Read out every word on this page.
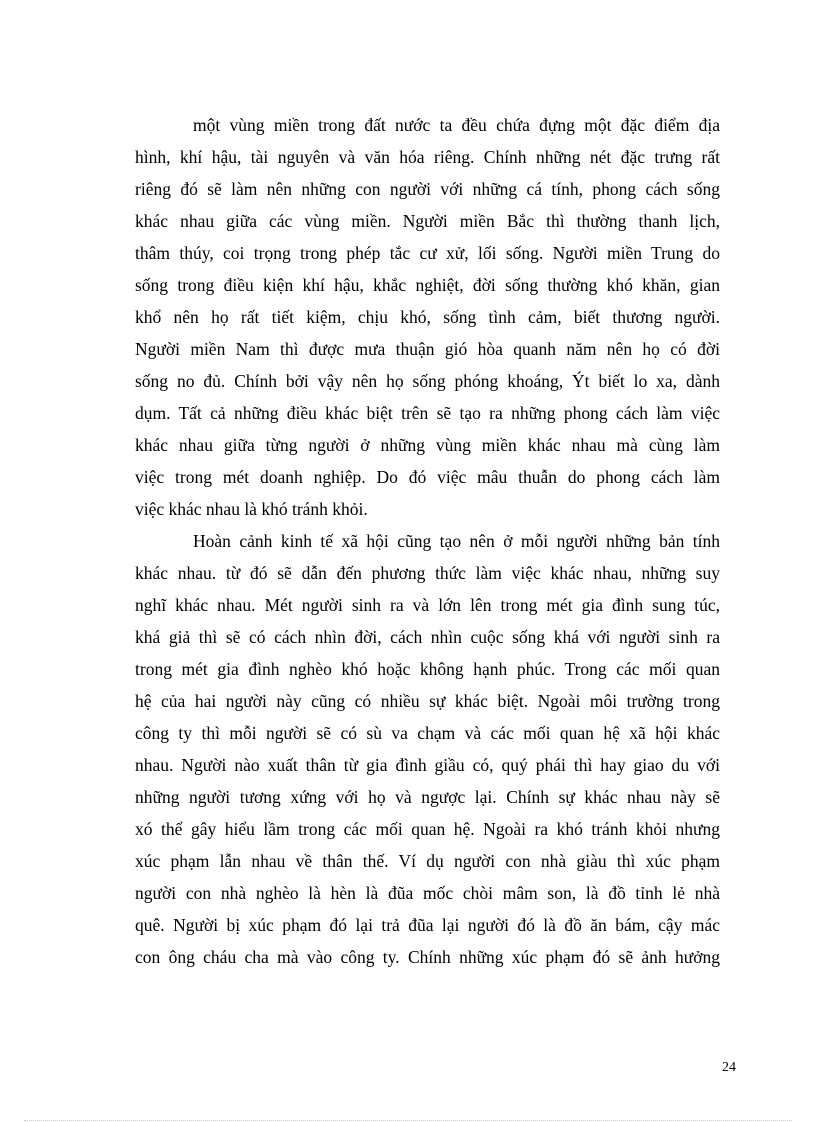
một vùng miền trong đất nước ta đều chứa đựng một đặc điểm địa
hình, khí hậu, tài nguyên và văn hóa riêng. Chính những nét đặc trưng rất
riêng đó sẽ làm nên những con người với những cá tính, phong cách sống
khác nhau giữa các vùng miền. Người miền Bắc thì thường thanh lịch,
thâm thúy, coi trọng trong phép tắc cư xử, lối sống. Người miền Trung do
sống trong điều kiện khí hậu, khắc nghiệt, đời sống thường khó khăn, gian
khổ nên họ rất tiết kiệm, chịu khó, sống tình cảm, biết thương người.
Người miền Nam thì được mưa thuận gió hòa quanh năm nên họ có đời
sống no đủ. Chính bởi vậy nên họ sống phóng khoáng, Ýt biết lo xa, dành
dụm. Tất cả những điều khác biệt trên sẽ tạo ra những phong cách làm việc
khác nhau giữa từng người ở những vùng miền khác nhau mà cùng làm
việc trong mét doanh nghiệp. Do đó việc mâu thuẫn do phong cách làm
việc khác nhau là khó tránh khỏi.
Hoàn cảnh kinh tế xã hội cũng tạo nên ở mỗi người những bản tính
khác nhau. từ đó sẽ dẫn đến phương thức làm việc khác nhau, những suy
nghĩ khác nhau. Mét người sinh ra và lớn lên trong mét gia đình sung túc,
khá giả thì sẽ có cách nhìn đời, cách nhìn cuộc sống khá với người sinh ra
trong mét gia đình nghèo khó hoặc không hạnh phúc. Trong các mối quan
hệ của hai người này cũng có nhiều sự khác biệt. Ngoài môi trường trong
công ty thì mỗi người sẽ có sù va chạm và các mối quan hệ xã hội khác
nhau. Người nào xuất thân từ gia đình giầu có, quý phái thì hay giao du với
những người tương xứng với họ và ngược lại. Chính sự khác nhau này sẽ
xó thể gây hiểu lầm trong các mối quan hệ. Ngoài ra khó tránh khỏi nhưng
xúc phạm lẫn nhau về thân thế. Ví dụ người con nhà giàu thì xúc phạm
người con nhà nghèo là hèn là đũa mốc chòi mâm son, là đồ tỉnh lẻ nhà
quê. Người bị xúc phạm đó lại trả đũa lại người đó là đồ ăn bám, cậy mác
con ông cháu cha mà vào công ty. Chính những xúc phạm đó sẽ ảnh hưởng
24
